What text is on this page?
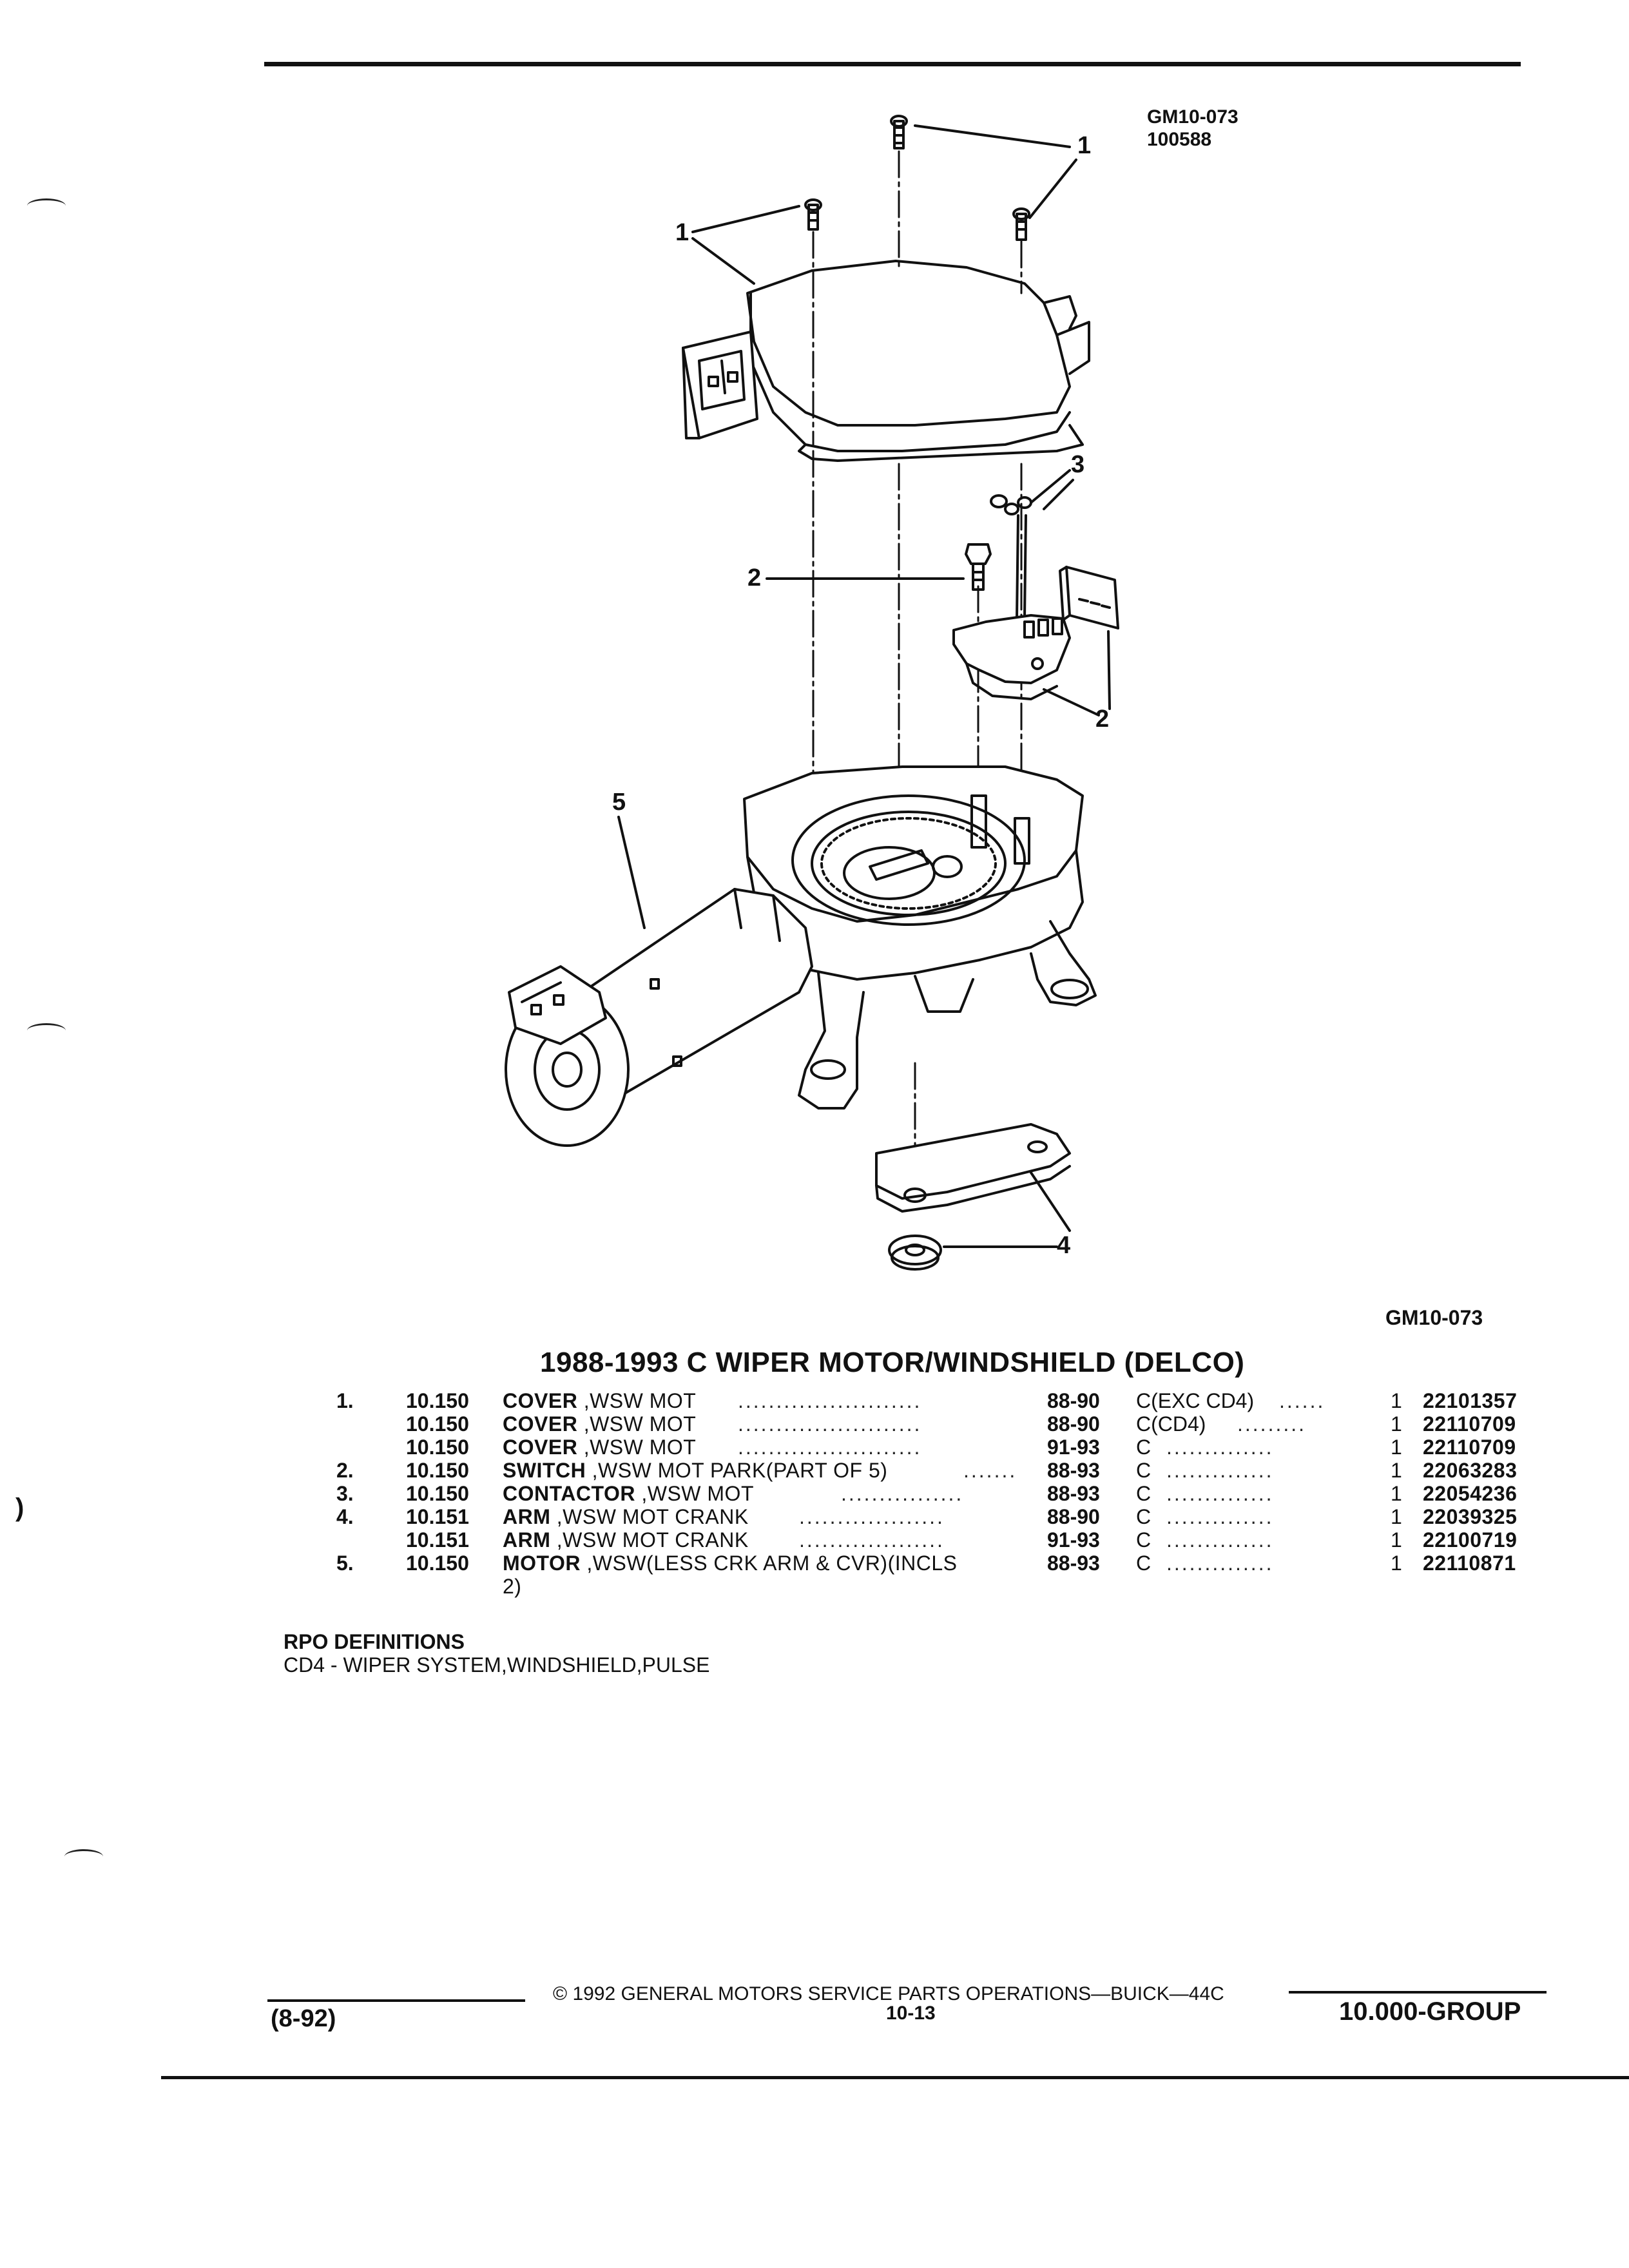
GM10-073
100588
)
1
1
3
2
2
5
4
GM10-073
1988-1993 C WIPER MOTOR/WINDSHIELD (DELCO)
1.	10.150 COVER ,WSW MOT ........................	88-90 C(EXC CD4) ......	1 22101357
10.150 COVER ,WSW MOT ........................	88-90 C(CD4) .........	1 22110709
10.150 COVER ,WSW MOT ........................	91-93 C ..............	1 22110709
2.	10.150 SWITCH ,WSW MOT PARK(PART OF 5)	....... 88-93 C ..............	1 22063283
3.	10.150 CONTACTOR ,WSW MOT	................	88-93 C ..............	1 22054236
4.	10.151 ARM ,WSW MOT CRANK ...................	88-90 C ..............	1 22039325
10.151 ARM ,WSW MOT CRANK ...................	91-93 C ..............	1 22100719
5.	10.150 MOTOR ,WSW(LESS CRK ARM & CVR)(INCLS	88-93 C ..............	1 22110871
2)
RPO DEFINITIONS
CD4 - WIPER SYSTEM,WINDSHIELD,PULSE
© 1992 GENERAL MOTORS SERVICE PARTS OPERATIONS—BUICK—44C
(8-92)	10-13	10.000-GROUP
